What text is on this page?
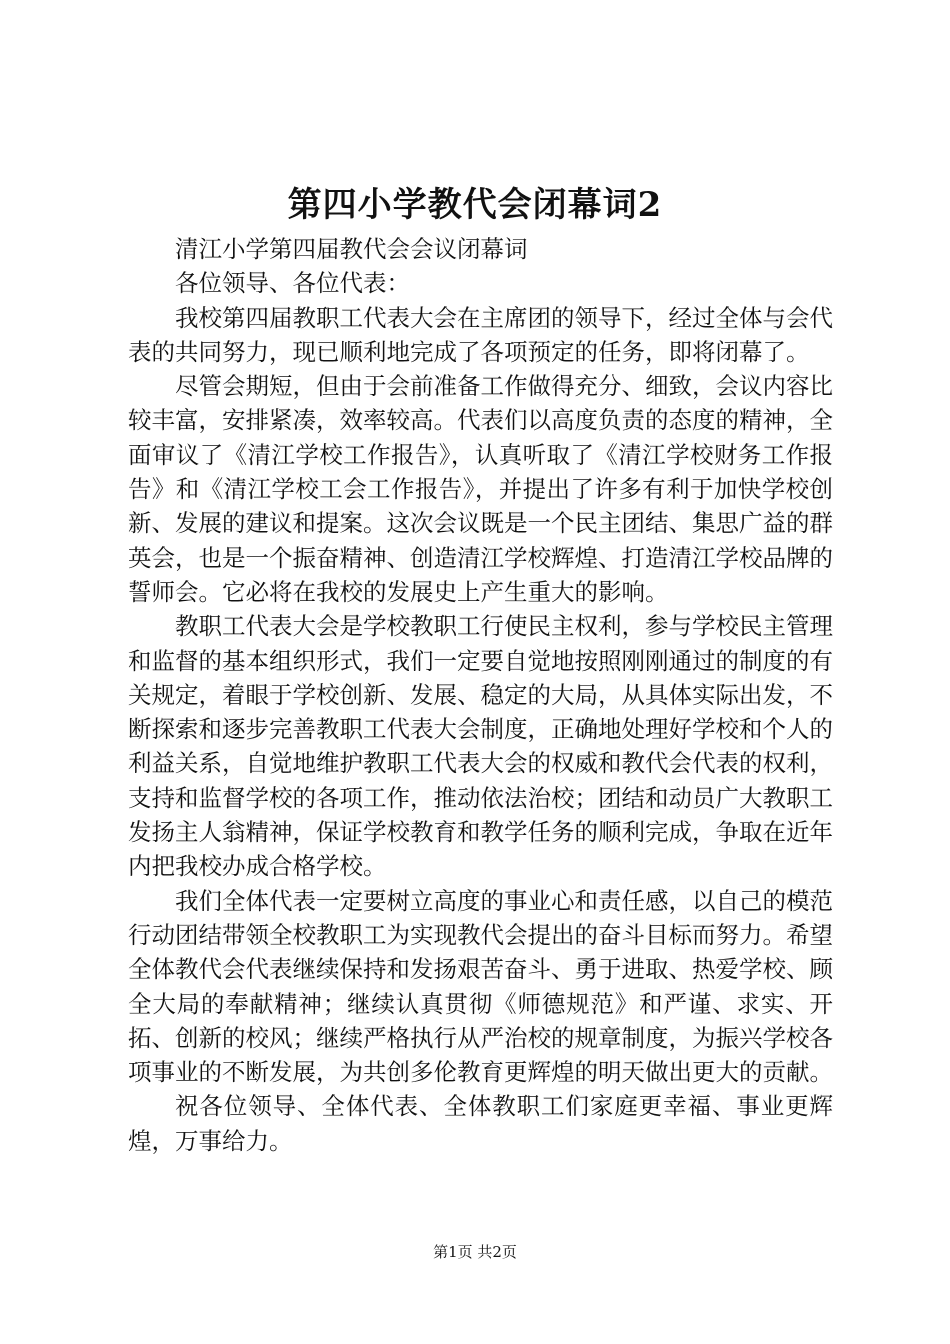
第四小学教代会闭幕词2

清江小学第四届教代会会议闭幕词

各位领导、各位代表：

我校第四届教职工代表大会在主席团的领导下，经过全体与会代表的共同努力，现已顺利地完成了各项预定的任务，即将闭幕了。

尽管会期短，但由于会前准备工作做得充分、细致，会议内容比较丰富，安排紧凑，效率较高。代表们以高度负责的态度的精神，全面审议了《清江学校工作报告》，认真听取了《清江学校财务工作报告》和《清江学校工会工作报告》，并提出了许多有利于加快学校创新、发展的建议和提案。这次会议既是一个民主团结、集思广益的群英会，也是一个振奋精神、创造清江学校辉煌、打造清江学校品牌的誓师会。它必将在我校的发展史上产生重大的影响。

教职工代表大会是学校教职工行使民主权利，参与学校民主管理和监督的基本组织形式，我们一定要自觉地按照刚刚通过的制度的有关规定，着眼于学校创新、发展、稳定的大局，从具体实际出发，不断探索和逐步完善教职工代表大会制度，正确地处理好学校和个人的利益关系，自觉地维护教职工代表大会的权威和教代会代表的权利，支持和监督学校的各项工作，推动依法治校；团结和动员广大教职工发扬主人翁精神，保证学校教育和教学任务的顺利完成，争取在近年内把我校办成合格学校。

我们全体代表一定要树立高度的事业心和责任感，以自己的模范行动团结带领全校教职工为实现教代会提出的奋斗目标而努力。希望全体教代会代表继续保持和发扬艰苦奋斗、勇于进取、热爱学校、顾全大局的奉献精神；继续认真贯彻《师德规范》和严谨、求实、开拓、创新的校风；继续严格执行从严治校的规章制度，为振兴学校各项事业的不断发展，为共创多伦教育更辉煌的明天做出更大的贡献。

祝各位领导、全体代表、全体教职工们家庭更幸福、事业更辉煌，万事给力。

第1页 共2页
